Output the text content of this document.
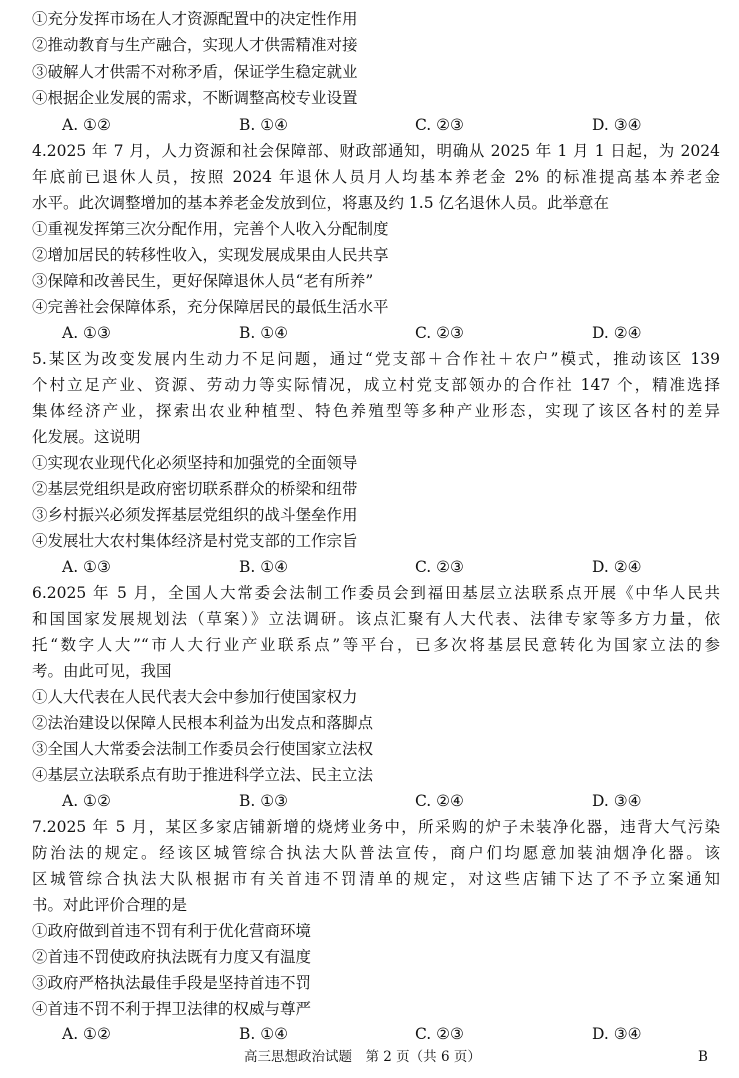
①充分发挥市场在人才资源配置中的决定性作用
②推动教育与生产融合，实现人才供需精准对接
③破解人才供需不对称矛盾，保证学生稳定就业
④根据企业发展的需求，不断调整高校专业设置
A. ①②	B. ①④	C. ②③	D. ③④
4.2025 年 7 月，人力资源和社会保障部、财政部通知，明确从 2025 年 1 月 1 日起，为 2024
年底前已退休人员，按照 2024 年退休人员月人均基本养老金 2% 的标准提高基本养老金
水平。此次调整增加的基本养老金发放到位，将惠及约 1.5 亿名退休人员。此举意在
①重视发挥第三次分配作用，完善个人收入分配制度
②增加居民的转移性收入，实现发展成果由人民共享
③保障和改善民生，更好保障退休人员“老有所养”
④完善社会保障体系，充分保障居民的最低生活水平
A. ①③	B. ①④	C. ②③	D. ②④
5.某区为改变发展内生动力不足问题，通过“党支部＋合作社＋农户”模式，推动该区 139
个村立足产业、资源、劳动力等实际情况，成立村党支部领办的合作社 147 个，精准选择
集体经济产业，探索出农业种植型、特色养殖型等多种产业形态，实现了该区各村的差异
化发展。这说明
①实现农业现代化必须坚持和加强党的全面领导
②基层党组织是政府密切联系群众的桥梁和纽带
③乡村振兴必须发挥基层党组织的战斗堡垒作用
④发展壮大农村集体经济是村党支部的工作宗旨
A. ①③	B. ①④	C. ②③	D. ②④
6.2025 年 5 月，全国人大常委会法制工作委员会到福田基层立法联系点开展《中华人民共
和国国家发展规划法（草案）》立法调研。该点汇聚有人大代表、法律专家等多方力量，依
托“数字人大”“市人大行业产业联系点”等平台，已多次将基层民意转化为国家立法的参
考。由此可见，我国
①人大代表在人民代表大会中参加行使国家权力
②法治建设以保障人民根本利益为出发点和落脚点
③全国人大常委会法制工作委员会行使国家立法权
④基层立法联系点有助于推进科学立法、民主立法
A. ①②	B. ①③	C. ②④	D. ③④
7.2025 年 5 月，某区多家店铺新增的烧烤业务中，所采购的炉子未装净化器，违背大气污染
防治法的规定。经该区城管综合执法大队普法宣传，商户们均愿意加装油烟净化器。该
区城管综合执法大队根据市有关首违不罚清单的规定，对这些店铺下达了不予立案通知
书。对此评价合理的是
①政府做到首违不罚有利于优化营商环境
②首违不罚使政府执法既有力度又有温度
③政府严格执法最佳手段是坚持首违不罚
④首违不罚不利于捍卫法律的权威与尊严
A. ①②	B. ①④	C. ②③	D. ③④
高三思想政治试题　第 2 页（共 6 页）	B
